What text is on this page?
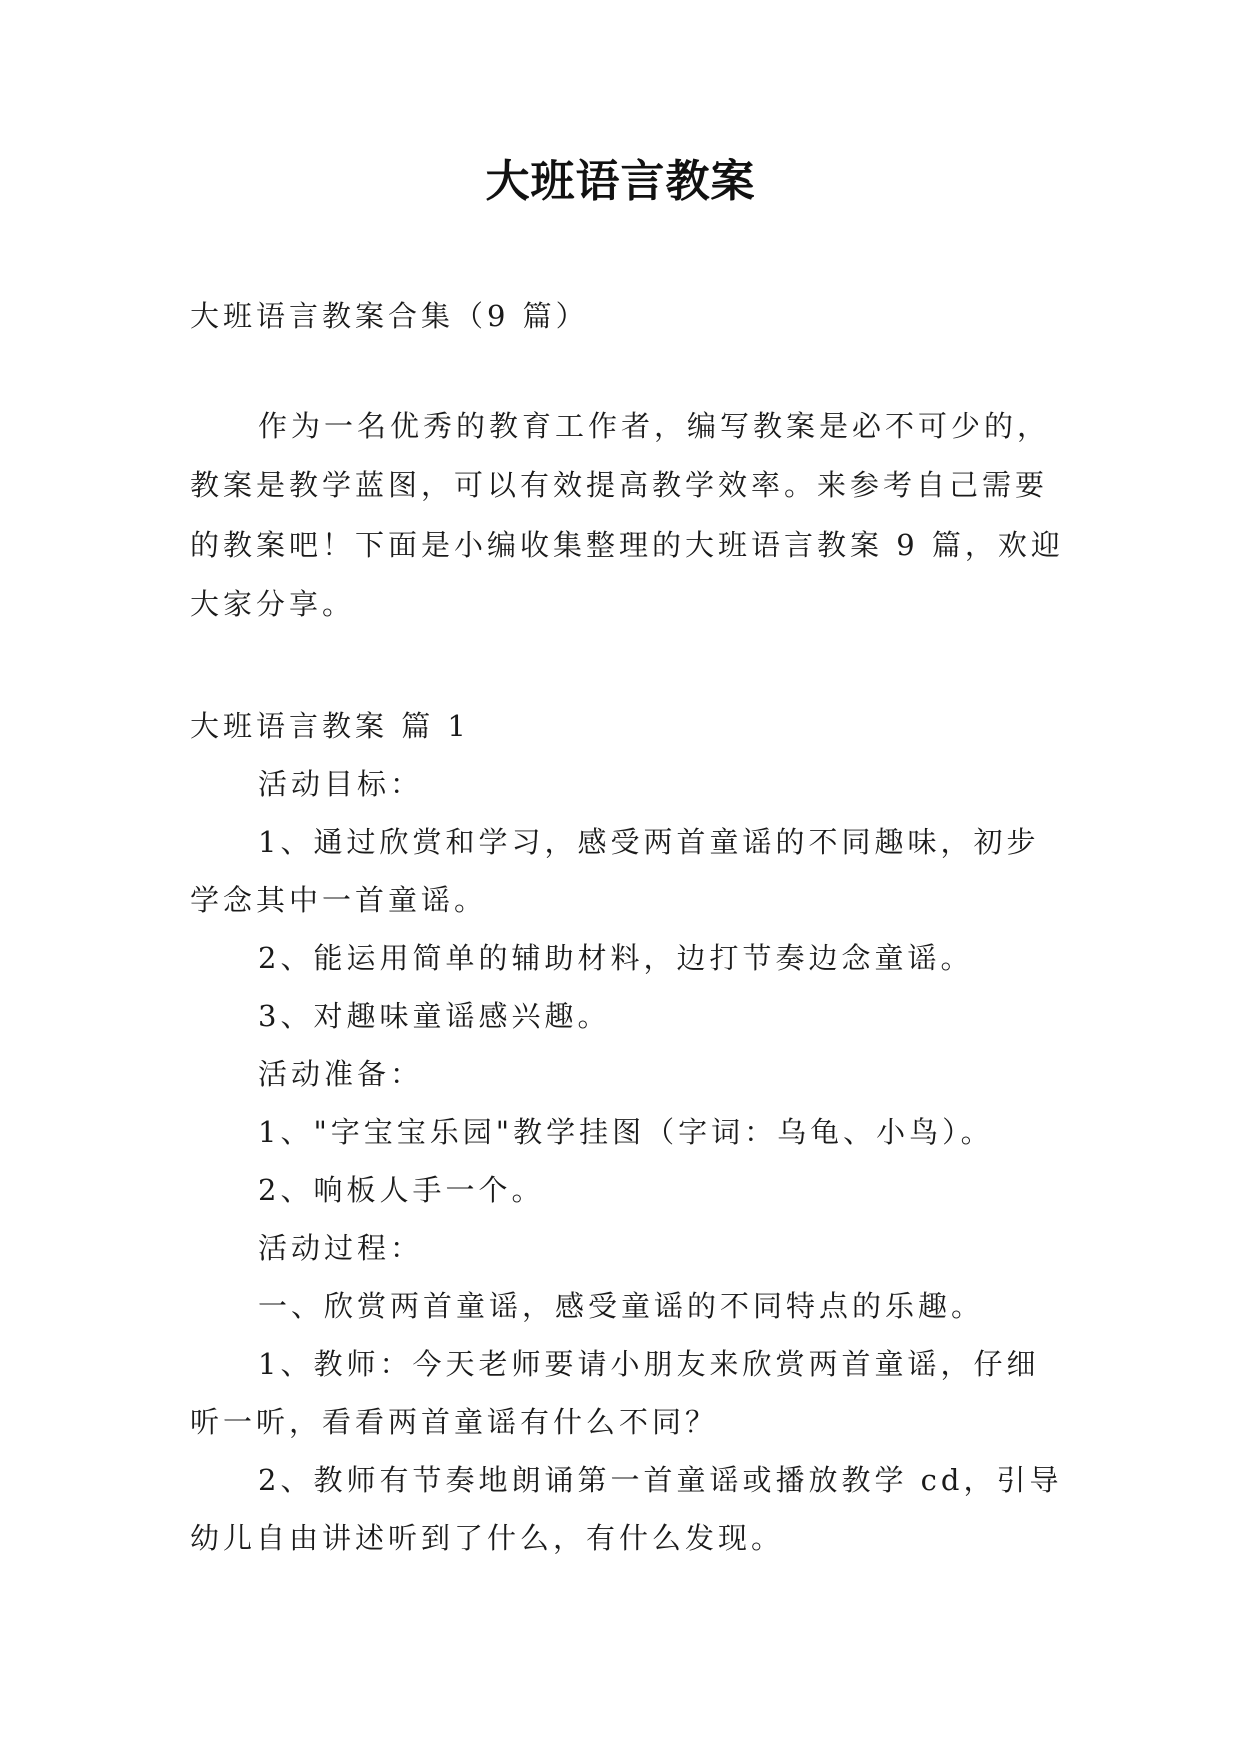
大班语言教案
大班语言教案合集（9 篇）
作为一名优秀的教育工作者，编写教案是必不可少的，
教案是教学蓝图，可以有效提高教学效率。来参考自己需要
的教案吧！下面是小编收集整理的大班语言教案 9 篇，欢迎
大家分享。
大班语言教案 篇 1
活动目标：
1、通过欣赏和学习，感受两首童谣的不同趣味，初步
学念其中一首童谣。
2、能运用简单的辅助材料，边打节奏边念童谣。
3、对趣味童谣感兴趣。
活动准备：
1、"字宝宝乐园"教学挂图（字词：乌龟、小鸟）。
2、响板人手一个。
活动过程：
一、欣赏两首童谣，感受童谣的不同特点的乐趣。
1、教师：今天老师要请小朋友来欣赏两首童谣，仔细
听一听，看看两首童谣有什么不同？
2、教师有节奏地朗诵第一首童谣或播放教学 cd，引导
幼儿自由讲述听到了什么，有什么发现。
